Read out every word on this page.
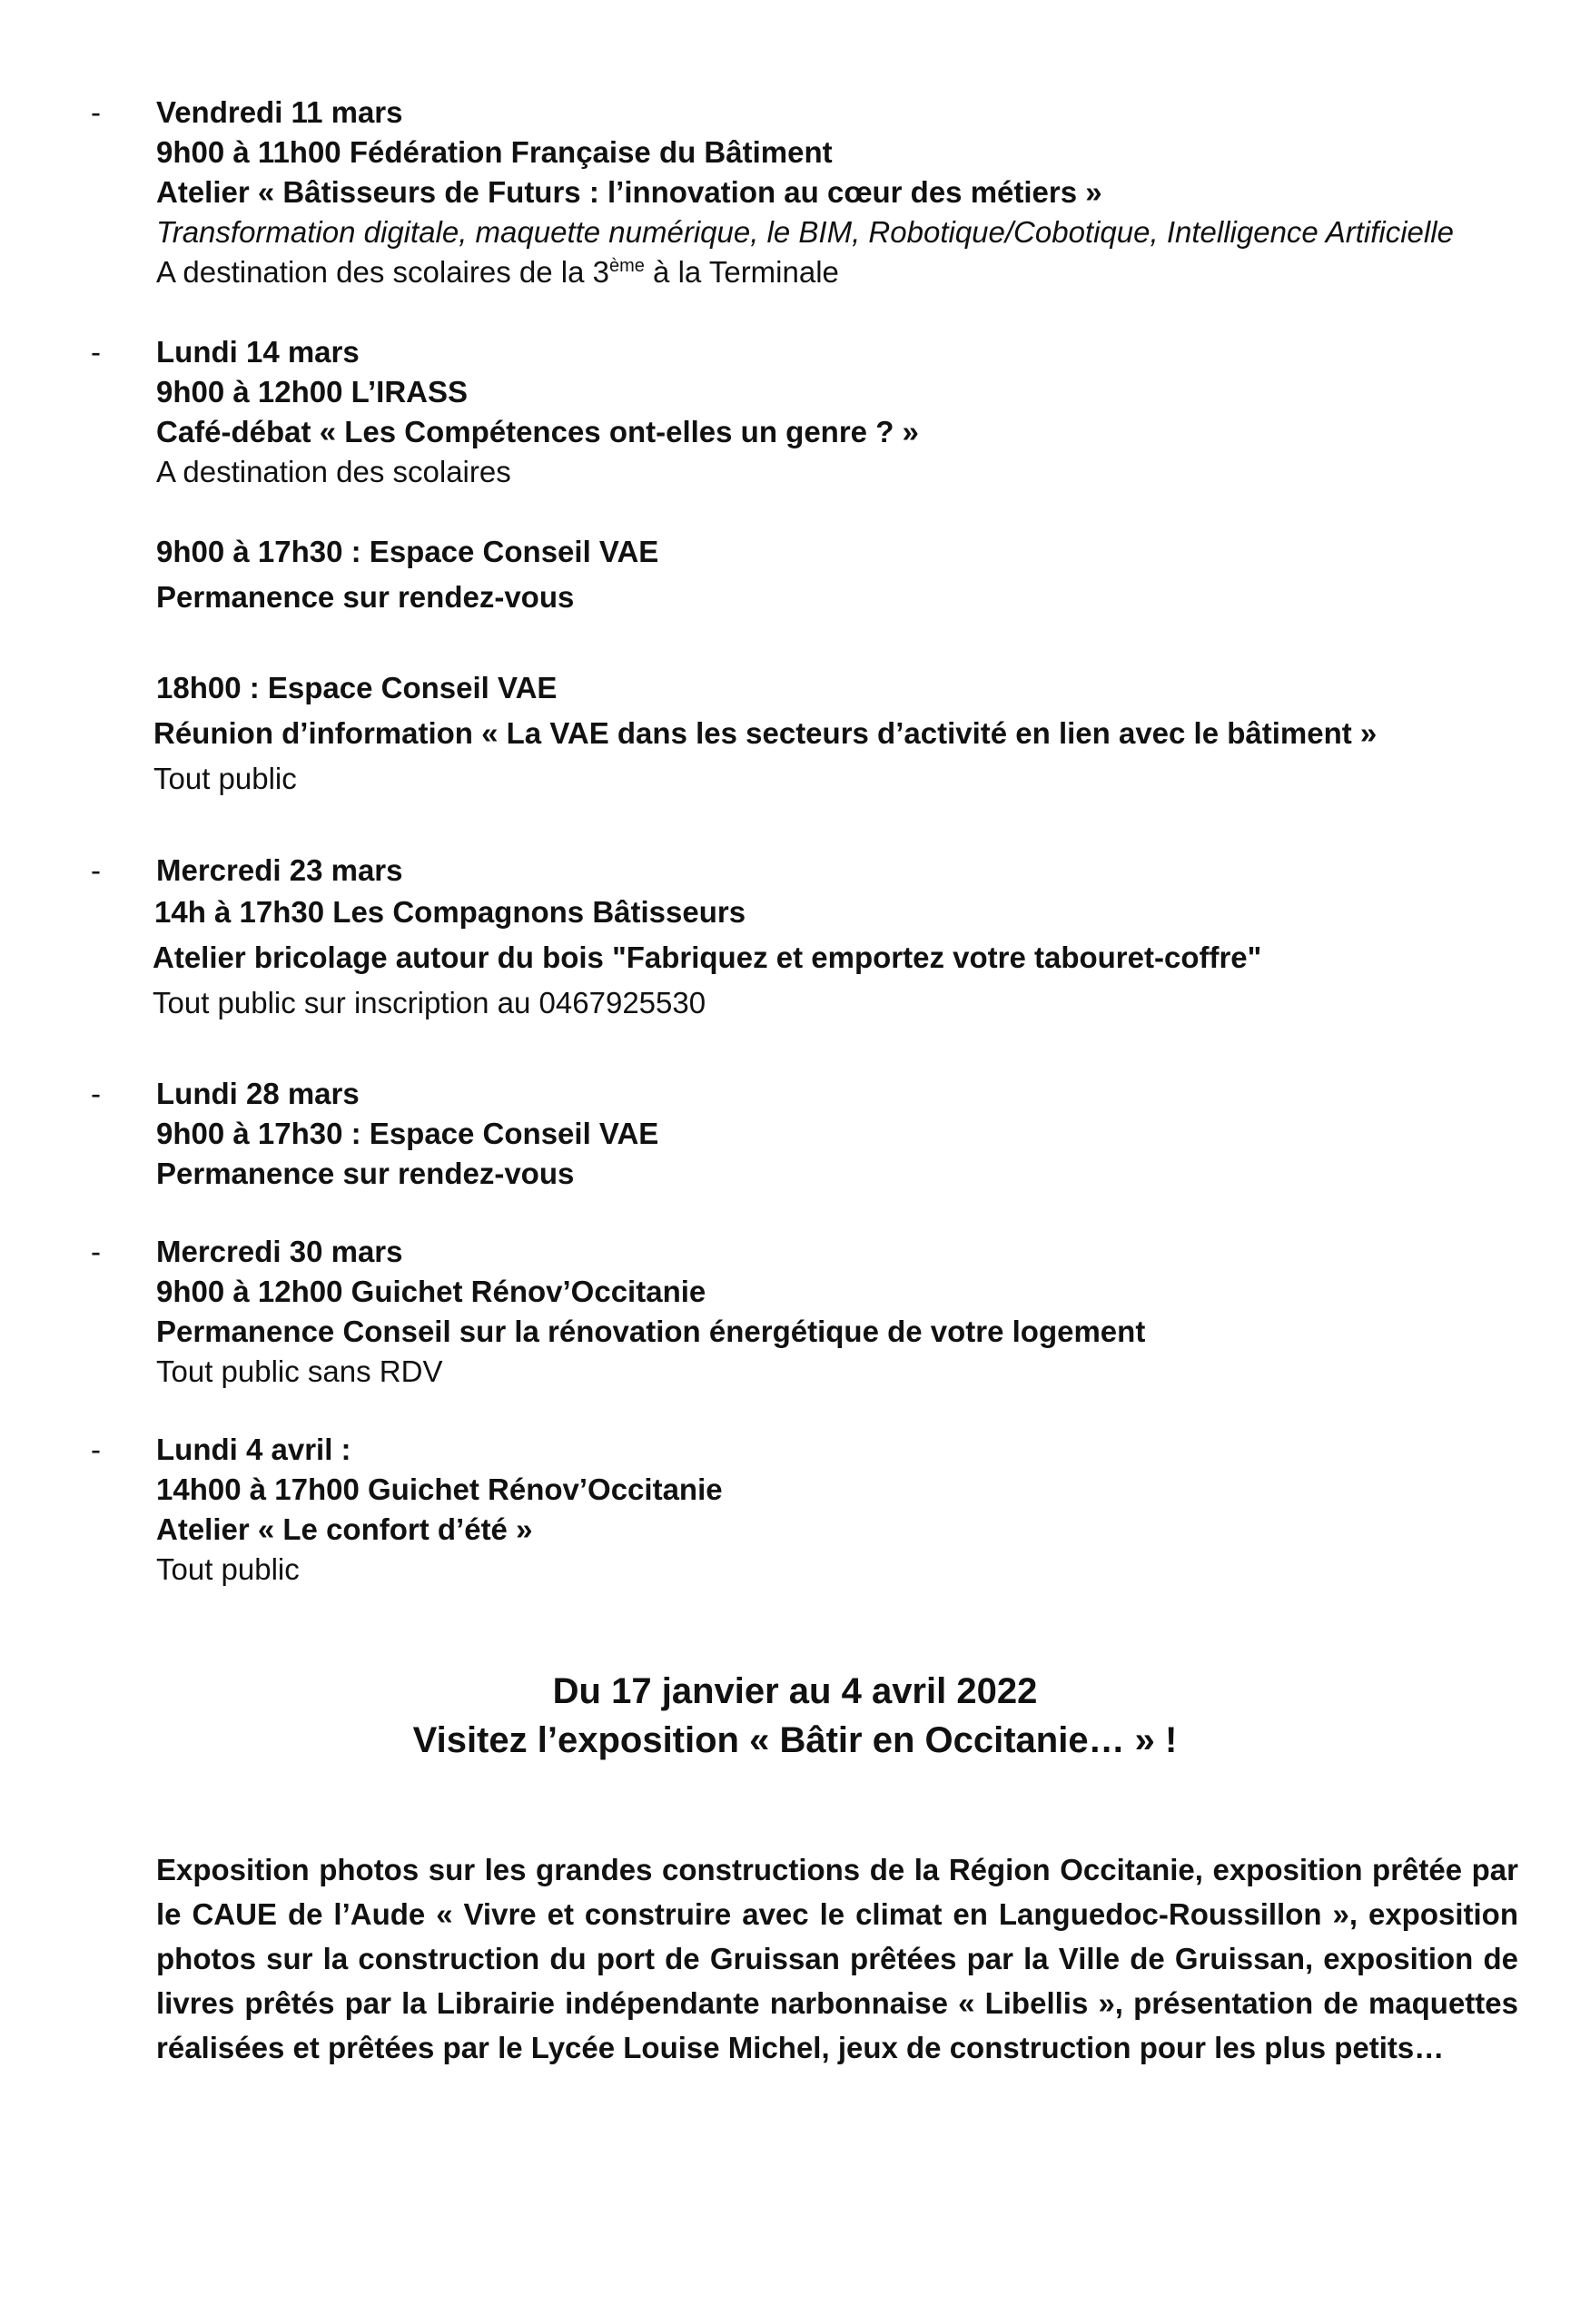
- Vendredi 11 mars
9h00 à 11h00 Fédération Française du Bâtiment
Atelier « Bâtisseurs de Futurs : l’innovation au cœur des métiers »
Transformation digitale, maquette numérique, le BIM, Robotique/Cobotique, Intelligence Artificielle
A destination des scolaires de la 3ème à la Terminale
- Lundi 14 mars
9h00 à 12h00 L’IRASS
Café-débat « Les Compétences ont-elles un genre ? »
A destination des scolaires
9h00 à 17h30 : Espace Conseil VAE
Permanence sur rendez-vous
18h00 : Espace Conseil VAE
Réunion d’information « La VAE dans les secteurs d’activité en lien avec le bâtiment »
Tout public
- Mercredi 23 mars
14h à 17h30 Les Compagnons Bâtisseurs
Atelier bricolage autour du bois "Fabriquez et emportez votre tabouret-coffre"
Tout public sur inscription au 0467925530
- Lundi 28 mars
9h00 à 17h30 : Espace Conseil VAE
Permanence sur rendez-vous
- Mercredi 30 mars
9h00 à 12h00 Guichet Rénov’Occitanie
Permanence Conseil sur la rénovation énergétique de votre logement
Tout public sans RDV
- Lundi 4 avril :
14h00 à 17h00 Guichet Rénov’Occitanie
Atelier « Le confort d’été »
Tout public
Du 17 janvier au 4 avril 2022
Visitez l’exposition « Bâtir en Occitanie… » !
Exposition photos sur les grandes constructions de la Région Occitanie, exposition prêtée par le CAUE de l’Aude « Vivre et construire avec le climat en Languedoc-Roussillon », exposition photos sur la construction du port de Gruissan prêtées par la Ville de Gruissan, exposition de livres prêtés par la Librairie indépendante narbonnaise « Libellis », présentation de maquettes réalisées et prêtées par le Lycée Louise Michel, jeux de construction pour les plus petits…
